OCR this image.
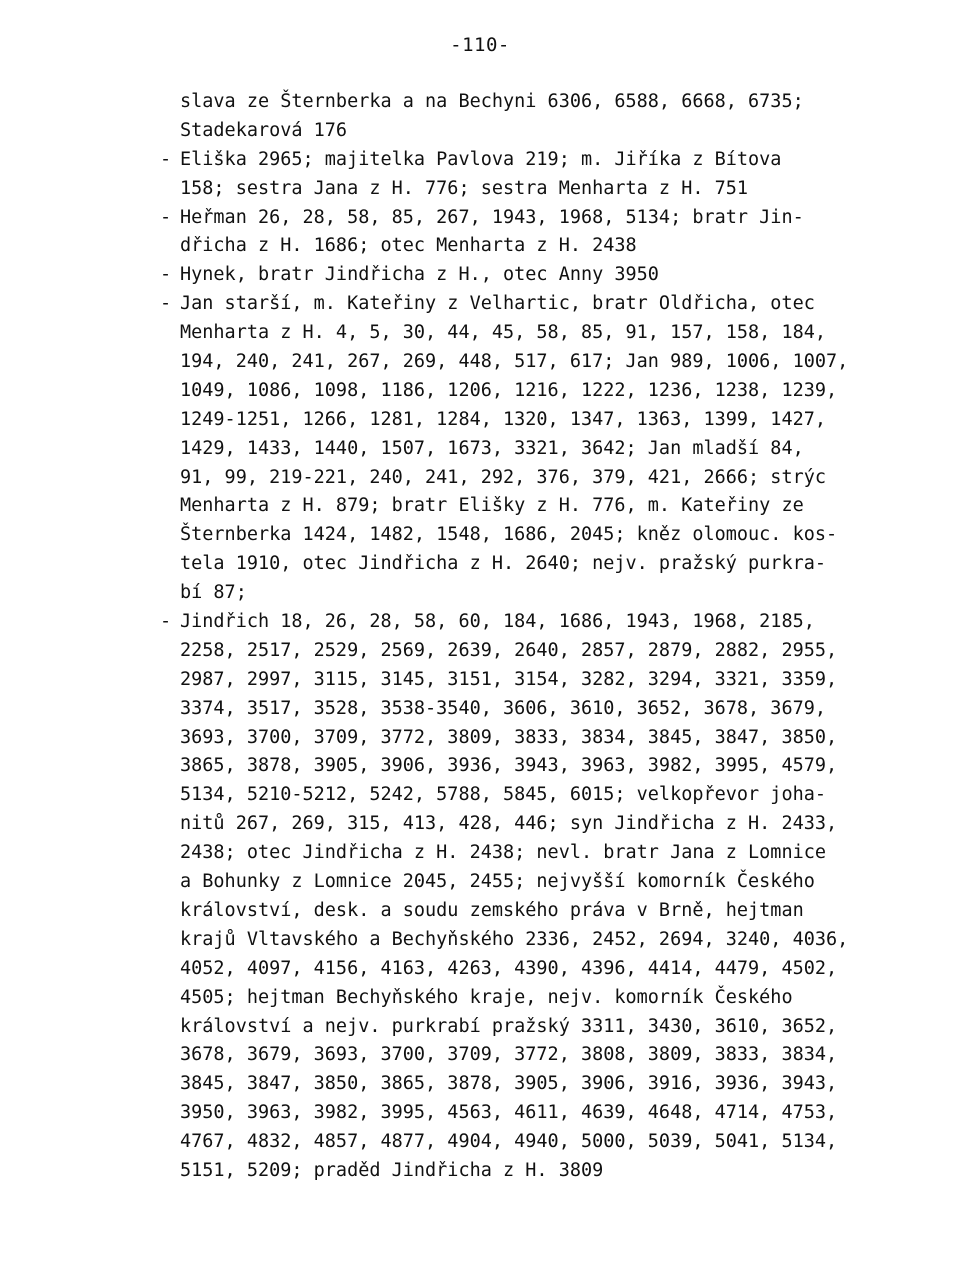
-110-
slava ze Šternberka a na Bechyni 6306, 6588, 6668, 6735;
Stadekarová 176
- Eliška 2965; majitelka Pavlova 219; m. Jiříka z Bítova
158; sestra Jana z H. 776; sestra Menharta z H. 751
- Heřman 26, 28, 58, 85, 267, 1943, 1968, 5134; bratr Jin-
dřicha z H. 1686; otec Menharta z H. 2438
- Hynek, bratr Jindřicha z H., otec Anny 3950
- Jan starší, m. Kateřiny z Velhartic, bratr Oldřicha, otec
Menharta z H. 4, 5, 30, 44, 45, 58, 85, 91, 157, 158, 184,
194, 240, 241, 267, 269, 448, 517, 617; Jan 989, 1006, 1007,
1049, 1086, 1098, 1186, 1206, 1216, 1222, 1236, 1238, 1239,
1249-1251, 1266, 1281, 1284, 1320, 1347, 1363, 1399, 1427,
1429, 1433, 1440, 1507, 1673, 3321, 3642; Jan mladší 84,
91, 99, 219-221, 240, 241, 292, 376, 379, 421, 2666; strýc
Menharta z H. 879; bratr Elišky z H. 776, m. Kateřiny ze
Šternberka 1424, 1482, 1548, 1686, 2045; kněz olomouc. kos-
tela 1910, otec Jindřicha z H. 2640; nejv. pražský purkra-
bí 87;
- Jindřich 18, 26, 28, 58, 60, 184, 1686, 1943, 1968, 2185,
2258, 2517, 2529, 2569, 2639, 2640, 2857, 2879, 2882, 2955,
2987, 2997, 3115, 3145, 3151, 3154, 3282, 3294, 3321, 3359,
3374, 3517, 3528, 3538-3540, 3606, 3610, 3652, 3678, 3679,
3693, 3700, 3709, 3772, 3809, 3833, 3834, 3845, 3847, 3850,
3865, 3878, 3905, 3906, 3936, 3943, 3963, 3982, 3995, 4579,
5134, 5210-5212, 5242, 5788, 5845, 6015; velkopřevor joha-
nitů 267, 269, 315, 413, 428, 446; syn Jindřicha z H. 2433,
2438; otec Jindřicha z H. 2438; nevl. bratr Jana z Lomnice
a Bohunky z Lomnice 2045, 2455; nejvyšší komorník Českého
království, desk. a soudu zemského práva v Brně, hejtman
krajů Vltavského a Bechyňského 2336, 2452, 2694, 3240, 4036,
4052, 4097, 4156, 4163, 4263, 4390, 4396, 4414, 4479, 4502,
4505; hejtman Bechyňského kraje, nejv. komorník Českého
království a nejv. purkrabí pražský 3311, 3430, 3610, 3652,
3678, 3679, 3693, 3700, 3709, 3772, 3808, 3809, 3833, 3834,
3845, 3847, 3850, 3865, 3878, 3905, 3906, 3916, 3936, 3943,
3950, 3963, 3982, 3995, 4563, 4611, 4639, 4648, 4714, 4753,
4767, 4832, 4857, 4877, 4904, 4940, 5000, 5039, 5041, 5134,
5151, 5209; praděd Jindřicha z H. 3809
